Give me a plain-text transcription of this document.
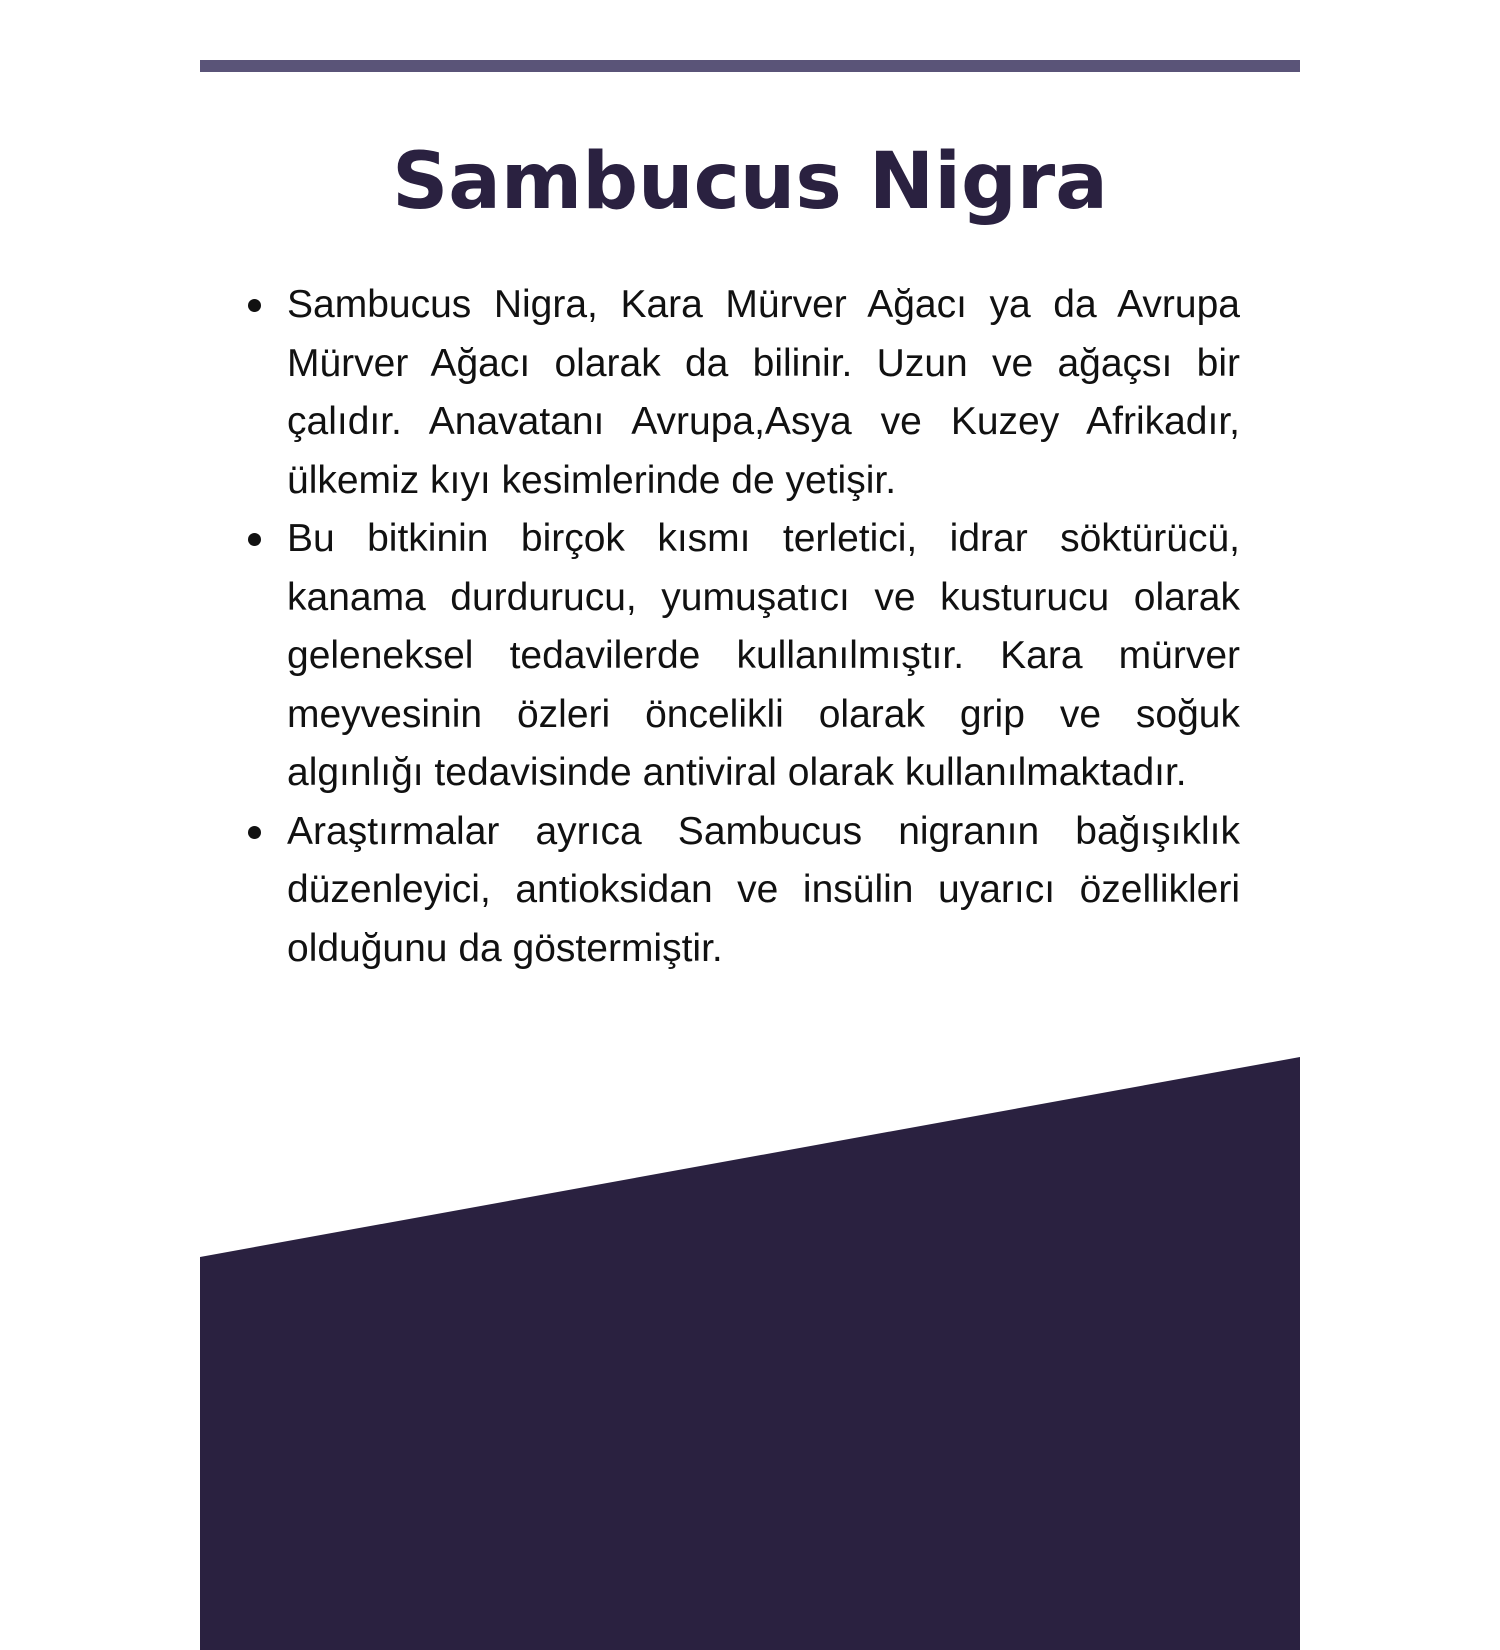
Sambucus Nigra
Sambucus Nigra, Kara Mürver Ağacı ya da Avrupa Mürver Ağacı olarak da bilinir. Uzun ve ağaçsı bir çalıdır. Anavatanı Avrupa,Asya ve Kuzey Afrikadır, ülkemiz kıyı kesimlerinde de yetişir.
Bu bitkinin birçok kısmı terletici, idrar söktürücü, kanama durdurucu, yumuşatıcı ve kusturucu olarak geleneksel tedavilerde kullanılmıştır. Kara mürver meyvesinin özleri öncelikli olarak grip ve soğuk algınlığı tedavisinde antiviral olarak kullanılmaktadır.
Araştırmalar ayrıca Sambucus nigranın bağışıklık düzenleyici, antioksidan ve insülin uyarıcı özellikleri olduğunu da göstermiştir.
